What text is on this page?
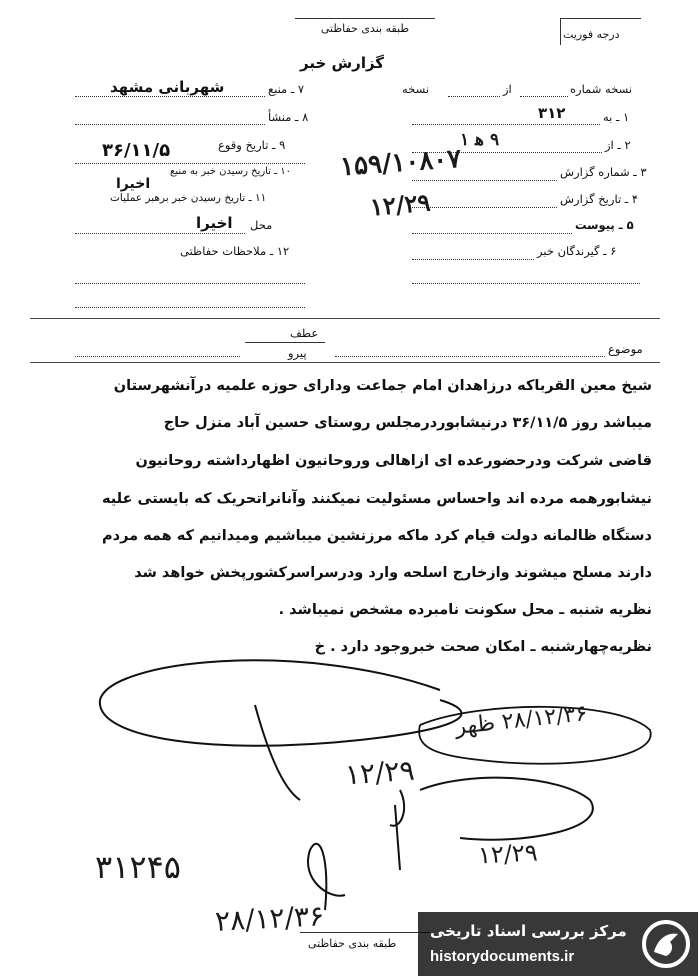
طبقه بندی حفاظتی	درجه فوریت
گزارش خبر
نسخه شماره
از
نسخه
۱ ـ به
۳۱۲
۲ ـ از
۹ ه‍ ۱
۳ ـ شماره گزارش
۴ ـ تاریخ گزارش
۵ ـ پیوست
۶ ـ گیرندگان خبر
۷ ـ منبع
شهربانی مشهد
۸ ـ منشأ
۹ ـ تاریخ وقوع
۳۶/۱۱/۵
۱۰ ـ تاریخ رسیدن خبر به منبع
اخیرا
۱۱ ـ تاریخ رسیدن خبر برهبر عملیات
محل
اخیرا
۱۲ ـ ملاحظات حفاظتی
۱۵۹/۱۰۸۰۷
۱۲/۲۹
عطف
پیرو	موضوع
شیخ معین القرباکه درزاهدان امام جماعت ودارای حوزه علمیه درآنشهرستان
میباشد روز ۳۶/۱۱/۵ درنیشابوردرمجلس روستای حسین آباد منزل حاج
قاضی شرکت ودرحضورعده ای ازاهالی وروحانیون اظهارداشته روحانیون
نیشابورهمه مرده اند واحساس مسئولیت نمیکنند وآنانراتحریک که بایستی علیه
دستگاه ظالمانه دولت قیام کرد ماکه مرزنشین میباشیم ومیدانیم که همه مردم
دارند مسلح میشوند وازخارج اسلحه وارد ودرسراسرکشورپخش خواهد شد
نظریه شنبه ـ محل سکونت نامبرده مشخص نمیباشد .
نظریه‌چهارشنبه ـ امکان صحت خبروجود دارد . خ
۲۸/۱۲/۳۶ ظهر
۱۲/۲۹
۱۲/۲۹
۳۱۲۴۵
۲۸/۱۲/۳۶
طبقه بندی حفاظتی
مرکز بررسی اسناد تاریخی
historydocuments.ir
